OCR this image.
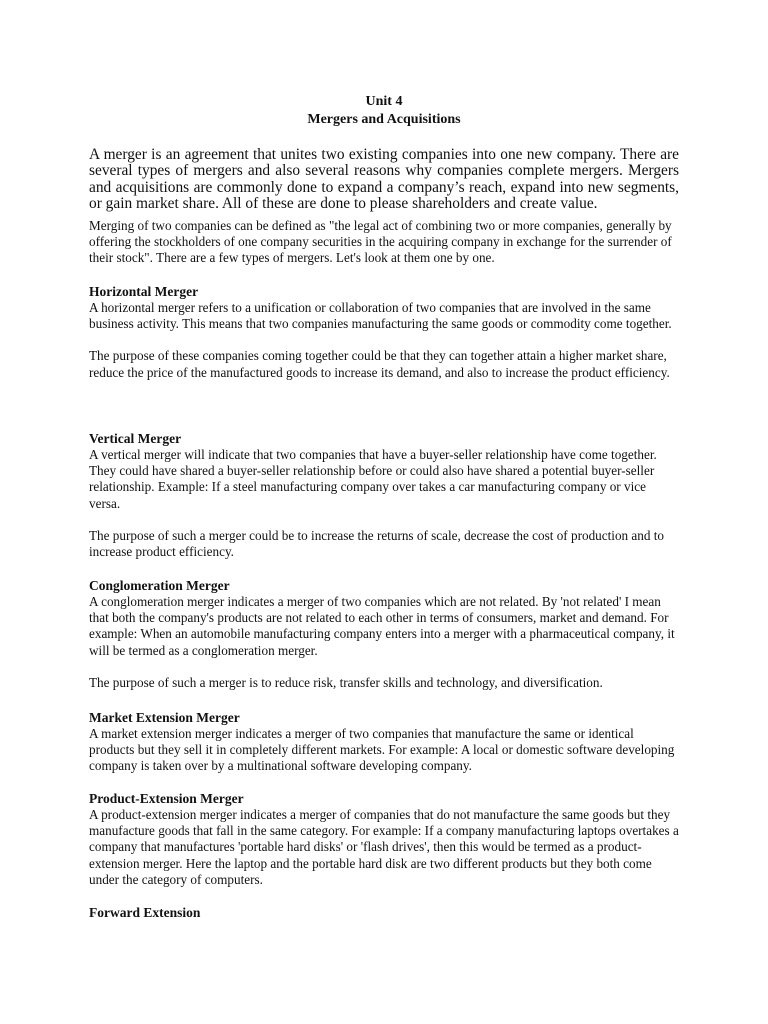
Unit 4
Mergers and Acquisitions

A merger is an agreement that unites two existing companies into one new company. There are several types of mergers and also several reasons why companies complete mergers. Mergers and acquisitions are commonly done to expand a company’s reach, expand into new segments, or gain market share. All of these are done to please shareholders and create value.

Merging of two companies can be defined as "the legal act of combining two or more companies, generally by offering the stockholders of one company securities in the acquiring company in exchange for the surrender of their stock". There are a few types of mergers. Let's look at them one by one.

Horizontal Merger

A horizontal merger refers to a unification or collaboration of two companies that are involved in the same business activity. This means that two companies manufacturing the same goods or commodity come together.

The purpose of these companies coming together could be that they can together attain a higher market share, reduce the price of the manufactured goods to increase its demand, and also to increase the product efficiency.

Vertical Merger

A vertical merger will indicate that two companies that have a buyer-seller relationship have come together. They could have shared a buyer-seller relationship before or could also have shared a potential buyer-seller relationship. Example: If a steel manufacturing company over takes a car manufacturing company or vice versa.

The purpose of such a merger could be to increase the returns of scale, decrease the cost of production and to increase product efficiency.

Conglomeration Merger

A conglomeration merger indicates a merger of two companies which are not related. By 'not related' I mean that both the company's products are not related to each other in terms of consumers, market and demand. For example: When an automobile manufacturing company enters into a merger with a pharmaceutical company, it will be termed as a conglomeration merger.

The purpose of such a merger is to reduce risk, transfer skills and technology, and diversification.

Market Extension Merger

A market extension merger indicates a merger of two companies that manufacture the same or identical products but they sell it in completely different markets. For example: A local or domestic software developing company is taken over by a multinational software developing company.

Product-Extension Merger

A product-extension merger indicates a merger of companies that do not manufacture the same goods but they manufacture goods that fall in the same category. For example: If a company manufacturing laptops overtakes a company that manufactures 'portable hard disks' or 'flash drives', then this would be termed as a product-extension merger. Here the laptop and the portable hard disk are two different products but they both come under the category of computers.

Forward Extension
